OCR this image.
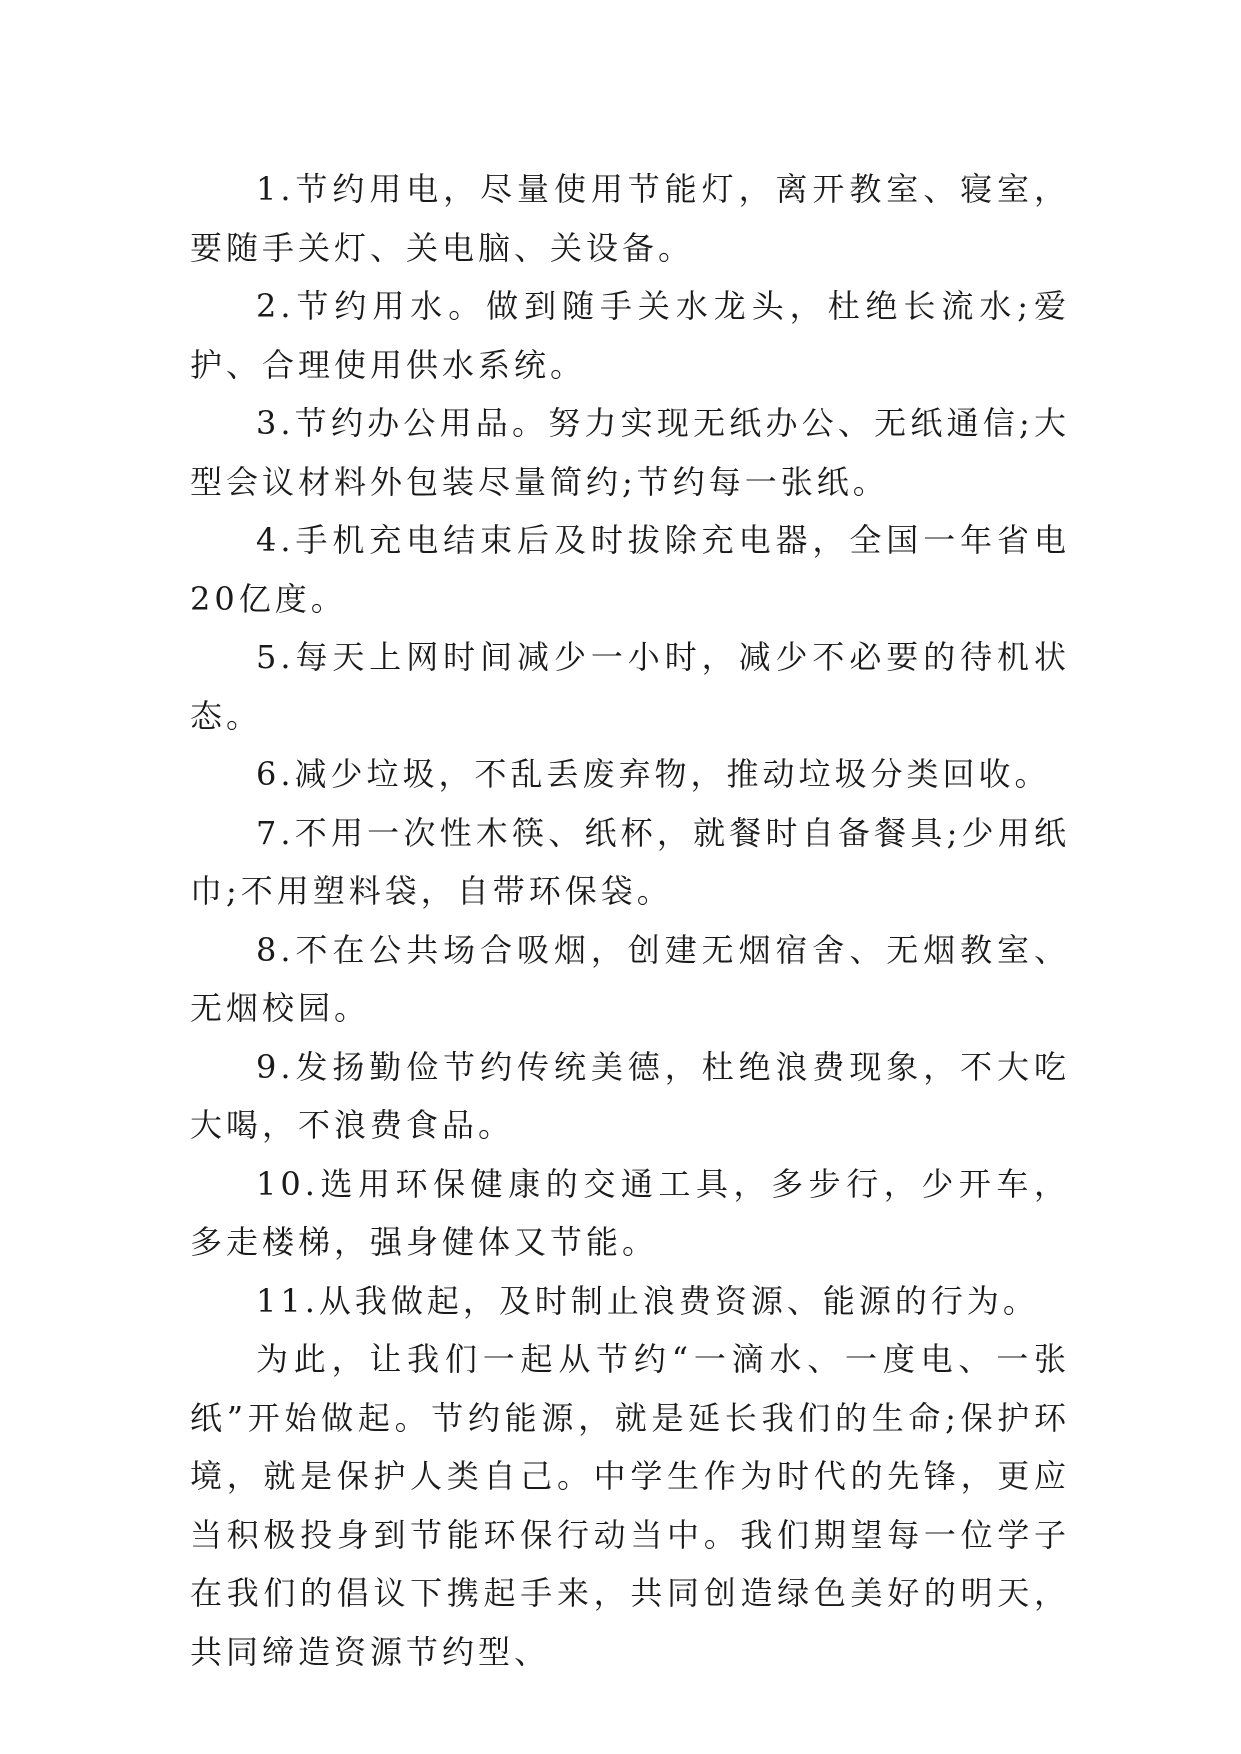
1.节约用电，尽量使用节能灯，离开教室、寝室，要随手关灯、关电脑、关设备。

2.节约用水。做到随手关水龙头，杜绝长流水;爱护、合理使用供水系统。

3.节约办公用品。努力实现无纸办公、无纸通信;大型会议材料外包装尽量简约;节约每一张纸。

4.手机充电结束后及时拔除充电器，全国一年省电20亿度。

5.每天上网时间减少一小时，减少不必要的待机状态。

6.减少垃圾，不乱丢废弃物，推动垃圾分类回收。

7.不用一次性木筷、纸杯，就餐时自备餐具;少用纸巾;不用塑料袋，自带环保袋。

8.不在公共场合吸烟，创建无烟宿舍、无烟教室、无烟校园。

9.发扬勤俭节约传统美德，杜绝浪费现象，不大吃大喝，不浪费食品。

10.选用环保健康的交通工具，多步行，少开车，多走楼梯，强身健体又节能。

11.从我做起，及时制止浪费资源、能源的行为。

为此，让我们一起从节约“一滴水、一度电、一张纸”开始做起。节约能源，就是延长我们的生命;保护环境，就是保护人类自己。中学生作为时代的先锋，更应当积极投身到节能环保行动当中。我们期望每一位学子在我们的倡议下携起手来，共同创造绿色美好的明天，共同缔造资源节约型、
